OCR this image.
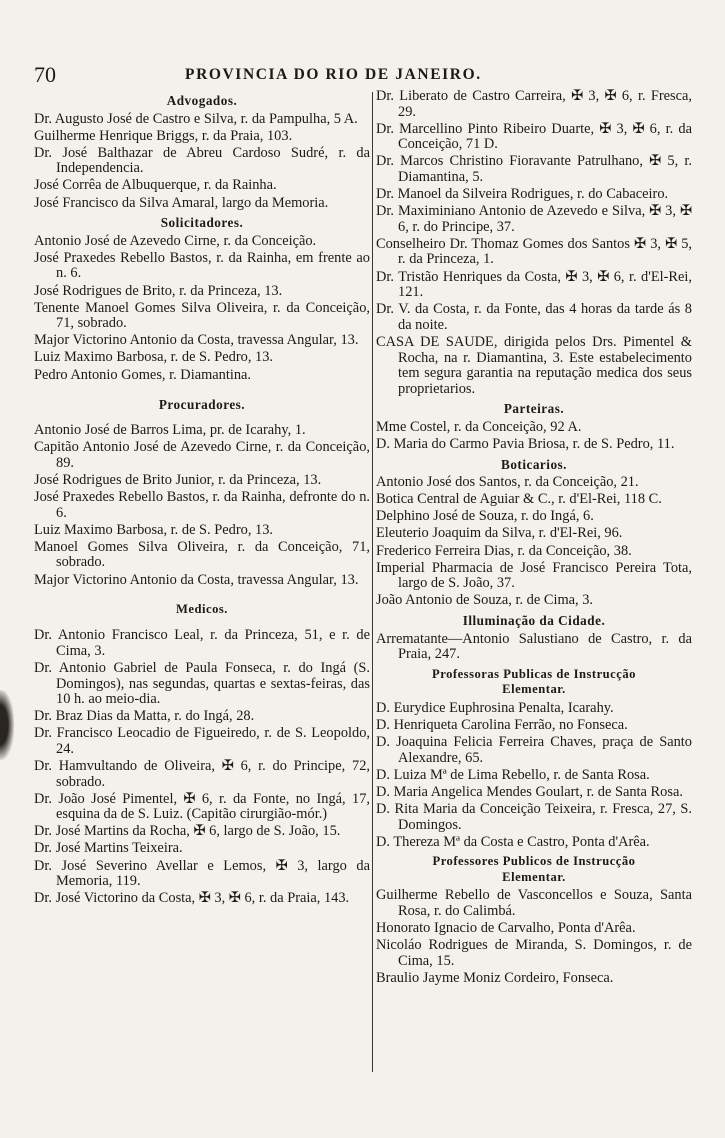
70	PROVINCIA DO RIO DE JANEIRO.
Advogados.

Dr. Augusto José de Castro e Silva, r. da Pampulha, 5 A.

Guilherme Henrique Briggs, r. da Praia, 103.

Dr. José Balthazar de Abreu Cardoso Sudré, r. da Independencia.

José Corrêa de Albuquerque, r. da Rainha.

José Francisco da Silva Amaral, largo da Memoria.

Solicitadores.

Antonio José de Azevedo Cirne, r. da Conceição.

José Praxedes Rebello Bastos, r. da Rainha, em frente ao n. 6.

José Rodrigues de Brito, r. da Princeza, 13.

Tenente Manoel Gomes Silva Oliveira, r. da Conceição, 71, sobrado.

Major Victorino Antonio da Costa, travessa Angular, 13.

Luiz Maximo Barbosa, r. de S. Pedro, 13.

Pedro Antonio Gomes, r. Diamantina.

Procuradores.

Antonio José de Barros Lima, pr. de Icarahy, 1.

Capitão Antonio José de Azevedo Cirne, r. da Conceição, 89.

José Rodrigues de Brito Junior, r. da Princeza, 13.

José Praxedes Rebello Bastos, r. da Rainha, defronte do n. 6.

Luiz Maximo Barbosa, r. de S. Pedro, 13.

Manoel Gomes Silva Oliveira, r. da Conceição, 71, sobrado.

Major Victorino Antonio da Costa, travessa Angular, 13.

Medicos.

Dr. Antonio Francisco Leal, r. da Princeza, 51, e r. de Cima, 3.

Dr. Antonio Gabriel de Paula Fonseca, r. do Ingá (S. Domingos), nas segundas, quartas e sextas-feiras, das 10 h. ao meio-dia.

Dr. Braz Dias da Matta, r. do Ingá, 28.

Dr. Francisco Leocadio de Figueiredo, r. de S. Leopoldo, 24.

Dr. Hamvultando de Oliveira, ✠ 6, r. do Principe, 72, sobrado.

Dr. João José Pimentel, ✠ 6, r. da Fonte, no Ingá, 17, esquina da de S. Luiz. (Capitão cirurgião-mór.)

Dr. José Martins da Rocha, ✠ 6, largo de S. João, 15.

Dr. José Martins Teixeira.

Dr. José Severino Avellar e Lemos, ✠ 3, largo da Memoria, 119.

Dr. José Victorino da Costa, ✠ 3, ✠ 6, r. da Praia, 143.

Dr. Liberato de Castro Carreira, ✠ 3, ✠ 6, r. Fresca, 29.

Dr. Marcellino Pinto Ribeiro Duarte, ✠ 3, ✠ 6, r. da Conceição, 71 D.

Dr. Marcos Christino Fioravante Patrulhano, ✠ 5, r. Diamantina, 5.

Dr. Manoel da Silveira Rodrigues, r. do Cabaceiro.

Dr. Maximiniano Antonio de Azevedo e Silva, ✠ 3, ✠ 6, r. do Principe, 37.

Conselheiro Dr. Thomaz Gomes dos Santos ✠ 3, ✠ 5, r. da Princeza, 1.

Dr. Tristão Henriques da Costa, ✠ 3, ✠ 6, r. d'El-Rei, 121.

Dr. V. da Costa, r. da Fonte, das 4 horas da tarde ás 8 da noite.

CASA DE SAUDE, dirigida pelos Drs. Pimentel & Rocha, na r. Diamantina, 3. Este estabelecimento tem segura garantia na reputação medica dos seus proprietarios.

Parteiras.

Mme Costel, r. da Conceição, 92 A.

D. Maria do Carmo Pavia Briosa, r. de S. Pedro, 11.

Boticarios.

Antonio José dos Santos, r. da Conceição, 21.

Botica Central de Aguiar & C., r. d'El-Rei, 118 C.

Delphino José de Souza, r. do Ingá, 6.

Eleuterio Joaquim da Silva, r. d'El-Rei, 96.

Frederico Ferreira Dias, r. da Conceição, 38.

Imperial Pharmacia de José Francisco Pereira Tota, largo de S. João, 37.

João Antonio de Souza, r. de Cima, 3.

Illuminação da Cidade.

Arrematante—Antonio Salustiano de Castro, r. da Praia, 247.

Professoras Publicas de Instrucção
Elementar.

D. Eurydice Euphrosina Penalta, Icarahy.

D. Henriqueta Carolina Ferrão, no Fonseca.

D. Joaquina Felicia Ferreira Chaves, praça de Santo Alexandre, 65.

D. Luiza Mª de Lima Rebello, r. de Santa Rosa.

D. Maria Angelica Mendes Goulart, r. de Santa Rosa.

D. Rita Maria da Conceição Teixeira, r. Fresca, 27, S. Domingos.

D. Thereza Mª da Costa e Castro, Ponta d'Arêa.

Professores Publicos de Instrucção
Elementar.

Guilherme Rebello de Vasconcellos e Souza, Santa Rosa, r. do Calimbá.

Honorato Ignacio de Carvalho, Ponta d'Arêa.

Nicoláo Rodrigues de Miranda, S. Domingos, r. de Cima, 15.

Braulio Jayme Moniz Cordeiro, Fonseca.
